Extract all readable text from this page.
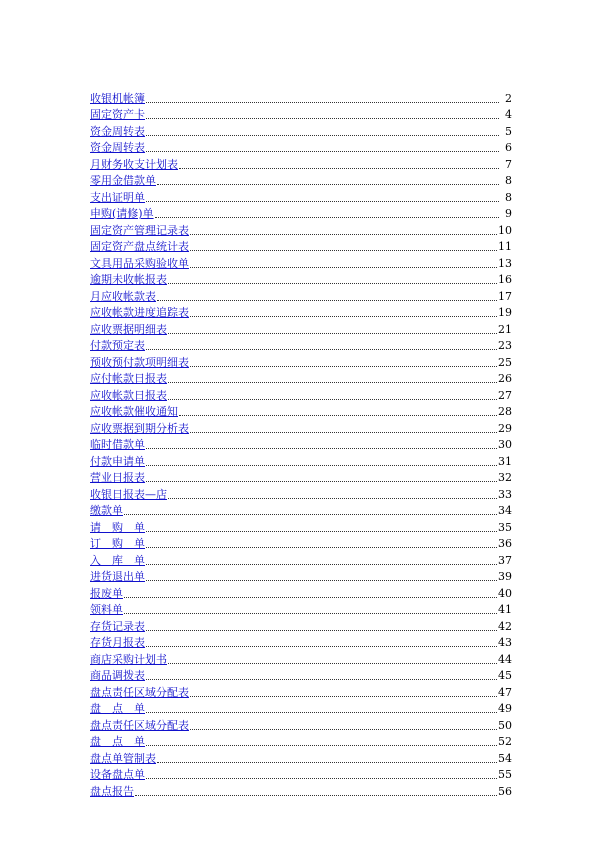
收银机帐簿	2
固定资产卡	4
资金周转表	5
资金周转表	6
月财务收支计划表	7
零用金借款单	8
支出证明单	8
申购(请修)单	9
固定资产管理记录表	10
固定资产盘点统计表	11
文具用品采购验收单	13
逾期未收帐报表	16
月应收帐款表	17
应收帐款进度追踪表	19
应收票据明细表	21
付款预定表	23
预收预付款项明细表	25
应付帐款日报表	26
应收帐款日报表	27
应收帐款催收通知	28
应收票据到期分析表	29
临时借款单	30
付款申请单	31
营业日报表	32
收银日报表—店	33
缴款单	34
请　购　单	35
订　购　单	36
入　库　单	37
进货退出单	39
报废单	40
领料单	41
存货记录表	42
存货月报表	43
商店采购计划书	44
商品调拨表	45
盘点责任区域分配表	47
盘　点　单	49
盘点责任区域分配表	50
盘　点　单	52
盘点单管制表	54
设备盘点单	55
盘点报告	56
